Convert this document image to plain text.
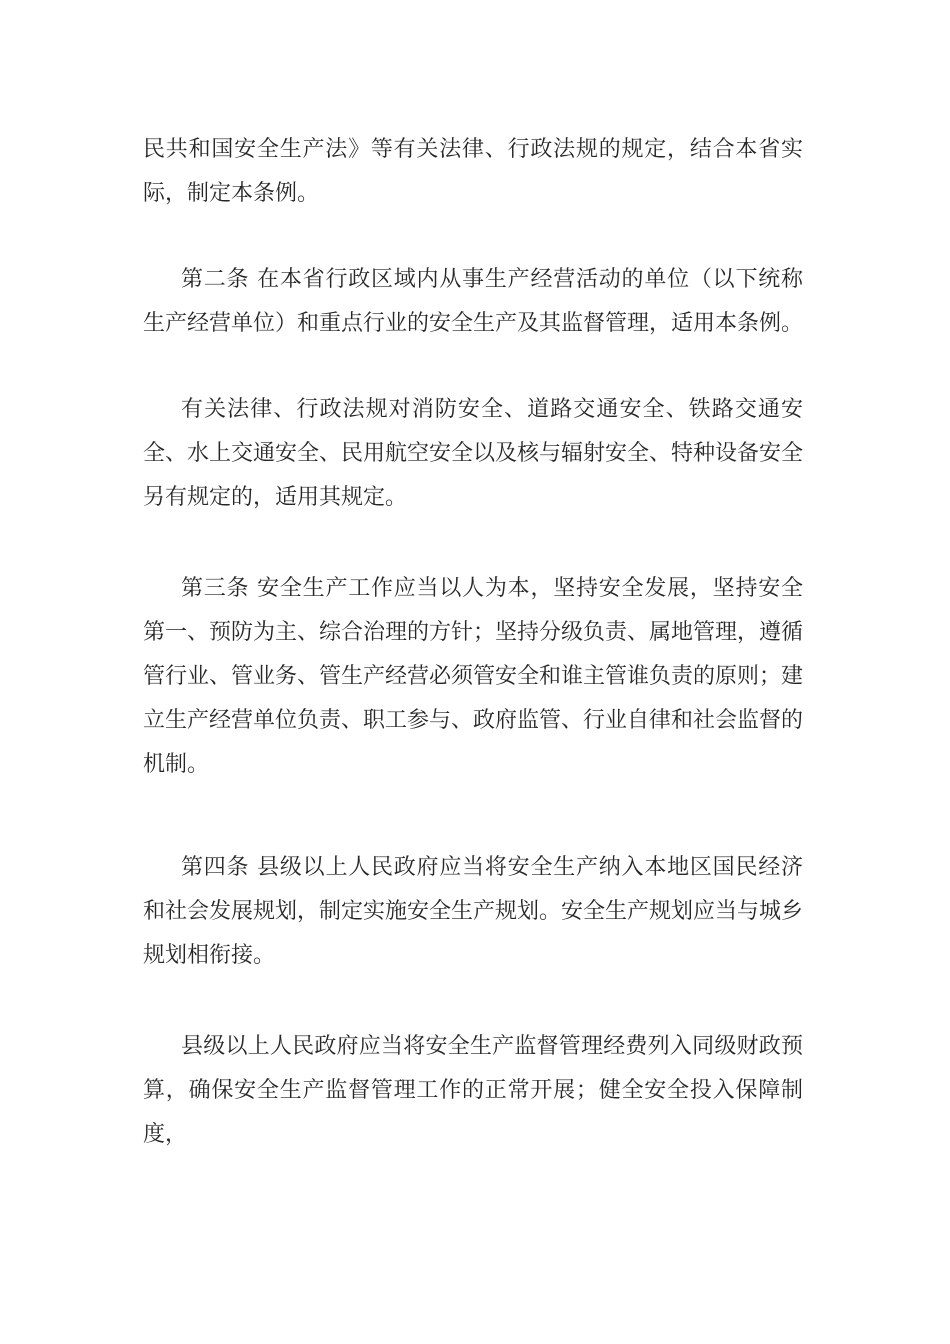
民共和国安全生产法》等有关法律、行政法规的规定，结合本省实际，制定本条例。

第二条 在本省行政区域内从事生产经营活动的单位（以下统称生产经营单位）和重点行业的安全生产及其监督管理，适用本条例。

有关法律、行政法规对消防安全、道路交通安全、铁路交通安全、水上交通安全、民用航空安全以及核与辐射安全、特种设备安全另有规定的，适用其规定。

第三条 安全生产工作应当以人为本，坚持安全发展，坚持安全第一、预防为主、综合治理的方针；坚持分级负责、属地管理，遵循管行业、管业务、管生产经营必须管安全和谁主管谁负责的原则；建立生产经营单位负责、职工参与、政府监管、行业自律和社会监督的机制。

第四条 县级以上人民政府应当将安全生产纳入本地区国民经济和社会发展规划，制定实施安全生产规划。安全生产规划应当与城乡规划相衔接。

县级以上人民政府应当将安全生产监督管理经费列入同级财政预算，确保安全生产监督管理工作的正常开展；健全安全投入保障制度，
